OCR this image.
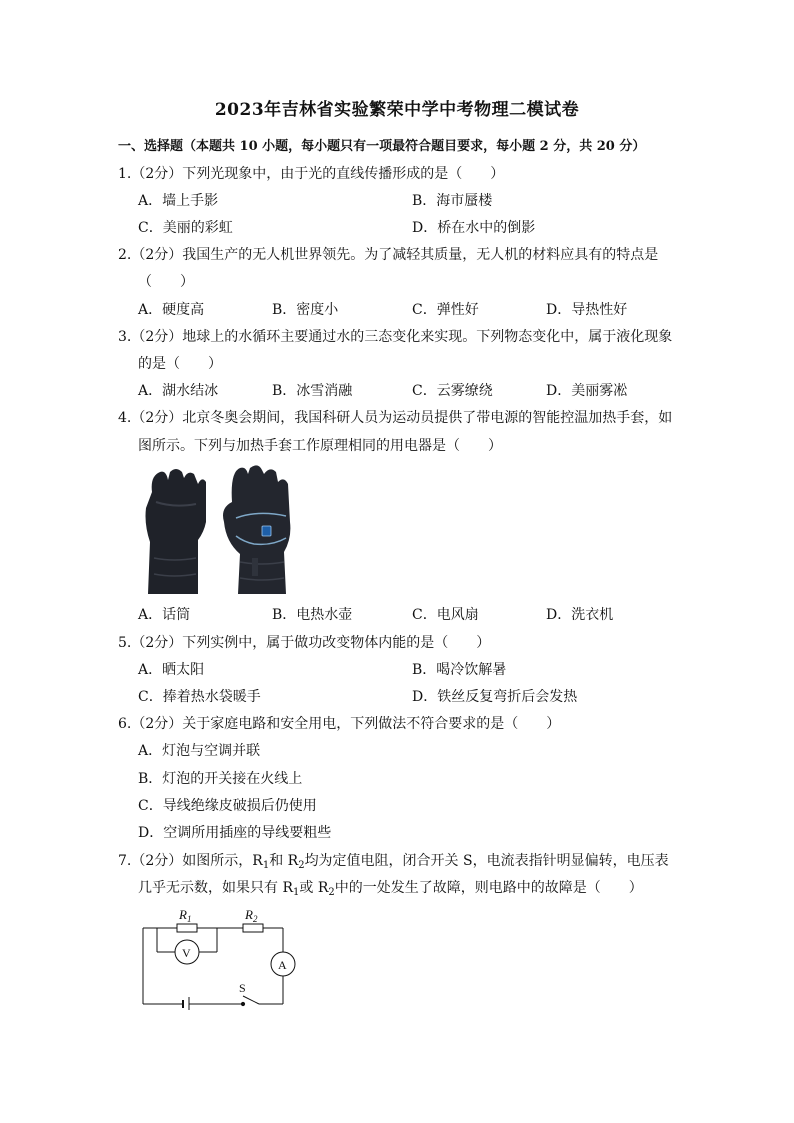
2023年吉林省实验繁荣中学中考物理二模试卷
一、选择题（本题共 10 小题，每小题只有一项最符合题目要求，每小题 2 分，共 20 分）
1.（2分）下列光现象中，由于光的直线传播形成的是（　　）
A．墙上手影	B．海市蜃楼
C．美丽的彩虹	D．桥在水中的倒影
2.（2分）我国生产的无人机世界领先。为了减轻其质量，无人机的材料应具有的特点是
（　　）
A．硬度高	B．密度小	C．弹性好	D．导热性好
3.（2分）地球上的水循环主要通过水的三态变化来实现。下列物态变化中，属于液化现象
的是（　　）
A．湖水结冰	B．冰雪消融	C．云雾缭绕	D．美丽雾凇
4.（2分）北京冬奥会期间，我国科研人员为运动员提供了带电源的智能控温加热手套，如
图所示。下列与加热手套工作原理相同的用电器是（　　）
A．话筒	B．电热水壶	C．电风扇	D．洗衣机
5.（2分）下列实例中，属于做功改变物体内能的是（　　）
A．晒太阳	B．喝冷饮解暑
C．捧着热水袋暖手	D．铁丝反复弯折后会发热
6.（2分）关于家庭电路和安全用电，下列做法不符合要求的是（　　）
A．灯泡与空调并联
B．灯泡的开关接在火线上
C．导线绝缘皮破损后仍使用
D．空调所用插座的导线要粗些
7.（2分）如图所示，$R_1$和 $R_2$均为定值电阻，闭合开关 S，电流表指针明显偏转，电压表
几乎无示数，如果只有 $R_1$或 $R_2$中的一处发生了故障，则电路中的故障是（　　）
$R_1$	$R_2$
V
A
S
